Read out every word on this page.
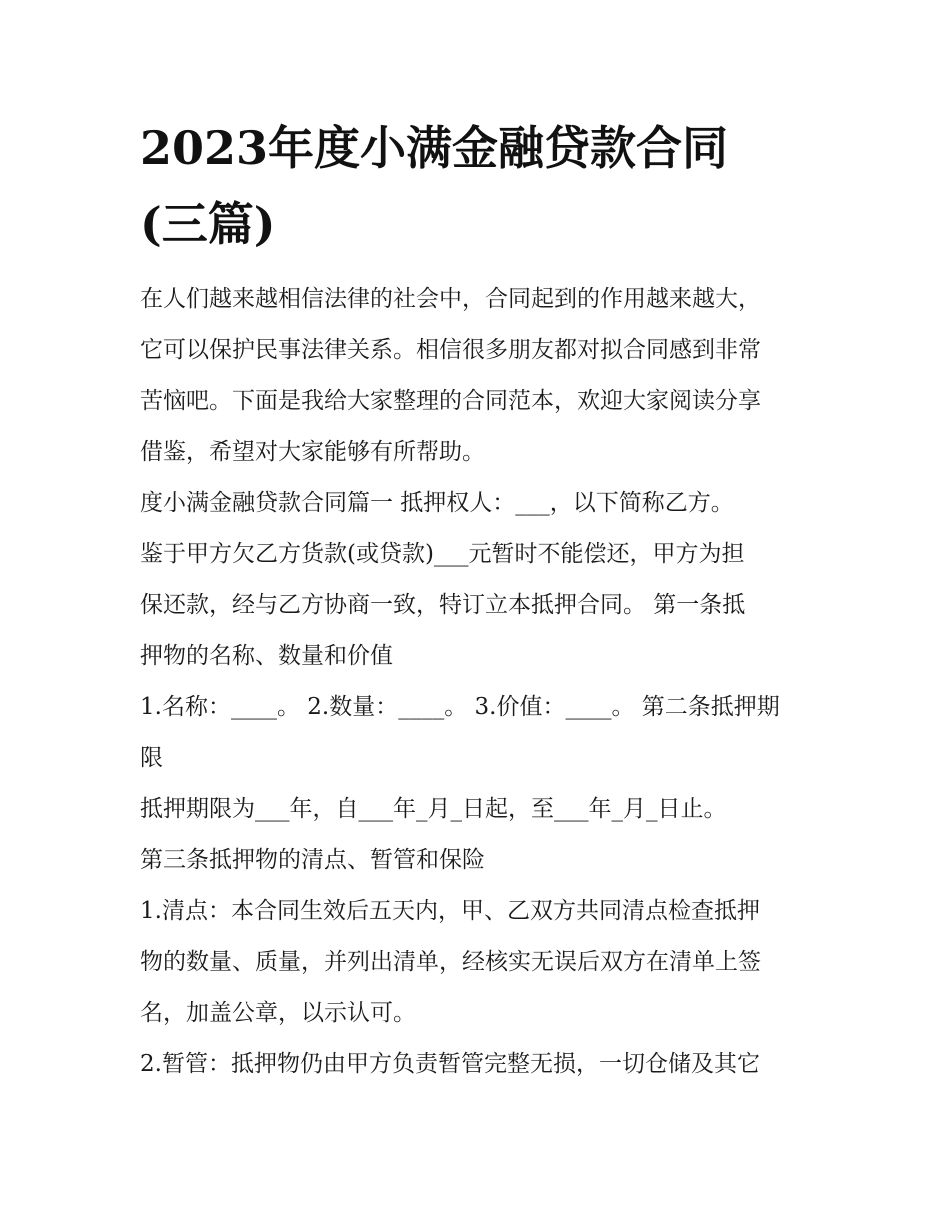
2023年度小满金融贷款合同
(三篇)
在人们越来越相信法律的社会中，合同起到的作用越来越大，
它可以保护民事法律关系。相信很多朋友都对拟合同感到非常
苦恼吧。下面是我给大家整理的合同范本，欢迎大家阅读分享
借鉴，希望对大家能够有所帮助。
度小满金融贷款合同篇一 抵押权人：___，以下简称乙方。
鉴于甲方欠乙方货款(或贷款)___元暂时不能偿还，甲方为担
保还款，经与乙方协商一致，特订立本抵押合同。 第一条抵
押物的名称、数量和价值
1.名称：____。 2.数量：____。 3.价值：____。 第二条抵押期
限
抵押期限为___年，自___年_月_日起，至___年_月_日止。
第三条抵押物的清点、暂管和保险
1.清点：本合同生效后五天内，甲、乙双方共同清点检查抵押
物的数量、质量，并列出清单，经核实无误后双方在清单上签
名，加盖公章，以示认可。
2.暂管：抵押物仍由甲方负责暂管完整无损，一切仓储及其它
